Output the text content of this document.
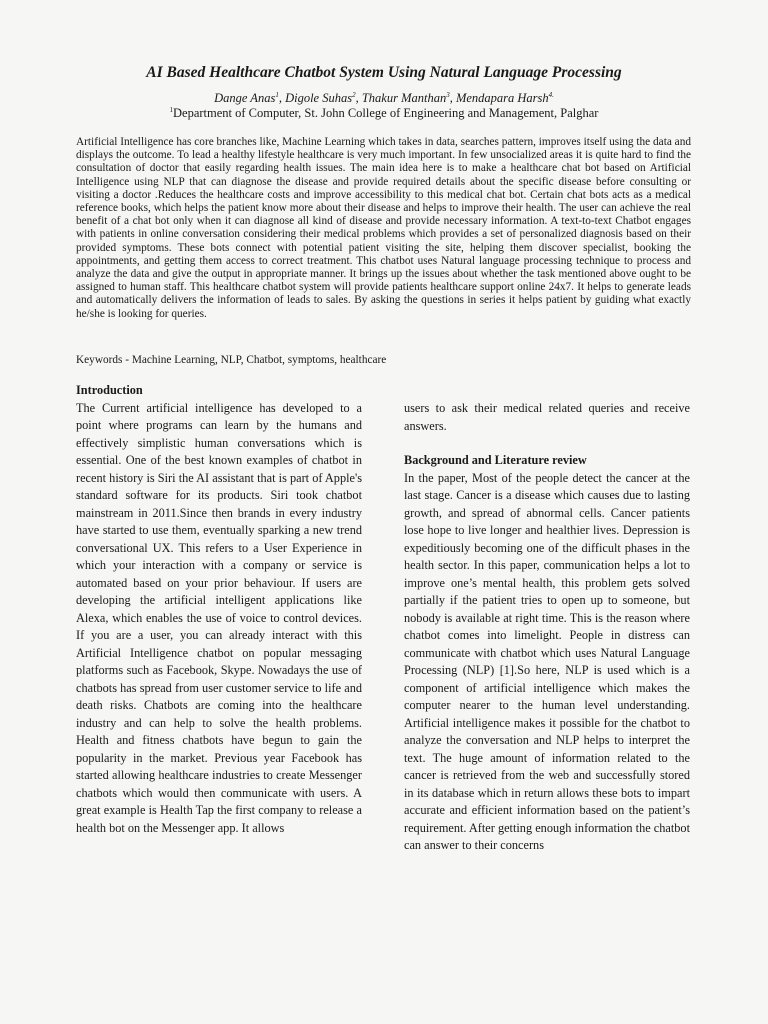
AI Based Healthcare Chatbot System Using Natural Language Processing
Dange Anas$^1$, Digole Suhas$^2$, Thakur Manthan$^3$, Mendapara Harsh$^{4.}$
$^1$Department of Computer, St. John College of Engineering and Management, Palghar

Artificial Intelligence has core branches like, Machine Learning which takes in data, searches pattern, improves itself using the data and displays the outcome. To lead a healthy lifestyle healthcare is very much important. In few unsocialized areas it is quite hard to find the consultation of doctor that easily regarding health issues. The main idea here is to make a healthcare chat bot based on Artificial Intelligence using NLP that can diagnose the disease and provide required details about the specific disease before consulting or visiting a doctor .Reduces the healthcare costs and improve accessibility to this medical chat bot. Certain chat bots acts as a medical reference books, which helps the patient know more about their disease and helps to improve their health. The user can achieve the real benefit of a chat bot only when it can diagnose all kind of disease and provide necessary information. A text-to-text Chatbot engages with patients in online conversation considering their medical problems which provides a set of personalized diagnosis based on their provided symptoms. These bots connect with potential patient visiting the site, helping them discover specialist, booking the appointments, and getting them access to correct treatment. This chatbot uses Natural language processing technique to process and analyze the data and give the output in appropriate manner. It brings up the issues about whether the task mentioned above ought to be assigned to human staff. This healthcare chatbot system will provide patients healthcare support online 24x7. It helps to generate leads and automatically delivers the information of leads to sales. By asking the questions in series it helps patient by guiding what exactly he/she is looking for queries.

Keywords - Machine Learning, NLP, Chatbot, symptoms, healthcare

Introduction

The Current artificial intelligence has developed to a point where programs can learn by the humans and effectively simplistic human conversations which is essential. One of the best known examples of chatbot in recent history is Siri the AI assistant that is part of Apple's standard software for its products. Siri took chatbot mainstream in 2011.Since then brands in every industry have started to use them, eventually sparking a new trend conversational UX. This refers to a User Experience in which your interaction with a company or service is automated based on your prior behaviour. If users are developing the artificial intelligent applications like Alexa, which enables the use of voice to control devices. If you are a user, you can already interact with this Artificial Intelligence chatbot on popular messaging platforms such as Facebook, Skype. Nowadays the use of chatbots has spread from user customer service to life and death risks. Chatbots are coming into the healthcare industry and can help to solve the health problems. Health and fitness chatbots have begun to gain the popularity in the market. Previous year Facebook has started allowing healthcare industries to create Messenger chatbots which would then communicate with users. A great example is Health Tap the first company to release a health bot on the Messenger app. It allows

users to ask their medical related queries and receive answers.

Background and Literature review

In the paper, Most of the people detect the cancer at the last stage. Cancer is a disease which causes due to lasting growth, and spread of abnormal cells. Cancer patients lose hope to live longer and healthier lives. Depression is expeditiously becoming one of the difficult phases in the health sector. In this paper, communication helps a lot to improve one’s mental health, this problem gets solved partially if the patient tries to open up to someone, but nobody is available at right time. This is the reason where chatbot comes into limelight. People in distress can communicate with chatbot which uses Natural Language Processing (NLP) [1].So here, NLP is used which is a component of artificial intelligence which makes the computer nearer to the human level understanding. Artificial intelligence makes it possible for the chatbot to analyze the conversation and NLP helps to interpret the text. The huge amount of information related to the cancer is retrieved from the web and successfully stored in its database which in return allows these bots to impart accurate and efficient information based on the patient’s requirement. After getting enough information the chatbot can answer to their concerns
